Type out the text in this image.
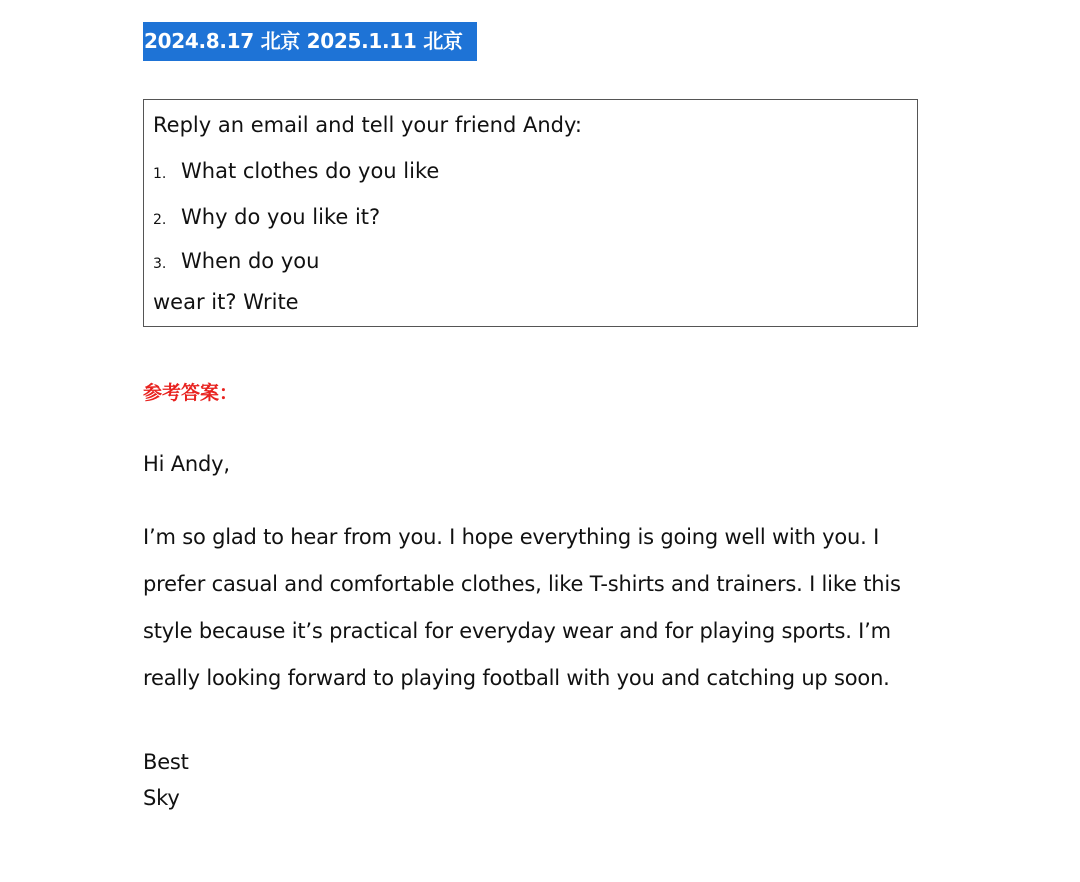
2024.8.17 北京 2025.1.11 北京
Reply an email and tell your friend Andy:
1. What clothes do you like
2. Why do you like it?
3. When do you
wear it? Write
参考答案：
Hi Andy,
I’m so glad to hear from you. I hope everything is going well with you. I
prefer casual and comfortable clothes, like T-shirts and trainers. I like this
style because it’s practical for everyday wear and for playing sports. I’m
really looking forward to playing football with you and catching up soon.
Best
Sky
